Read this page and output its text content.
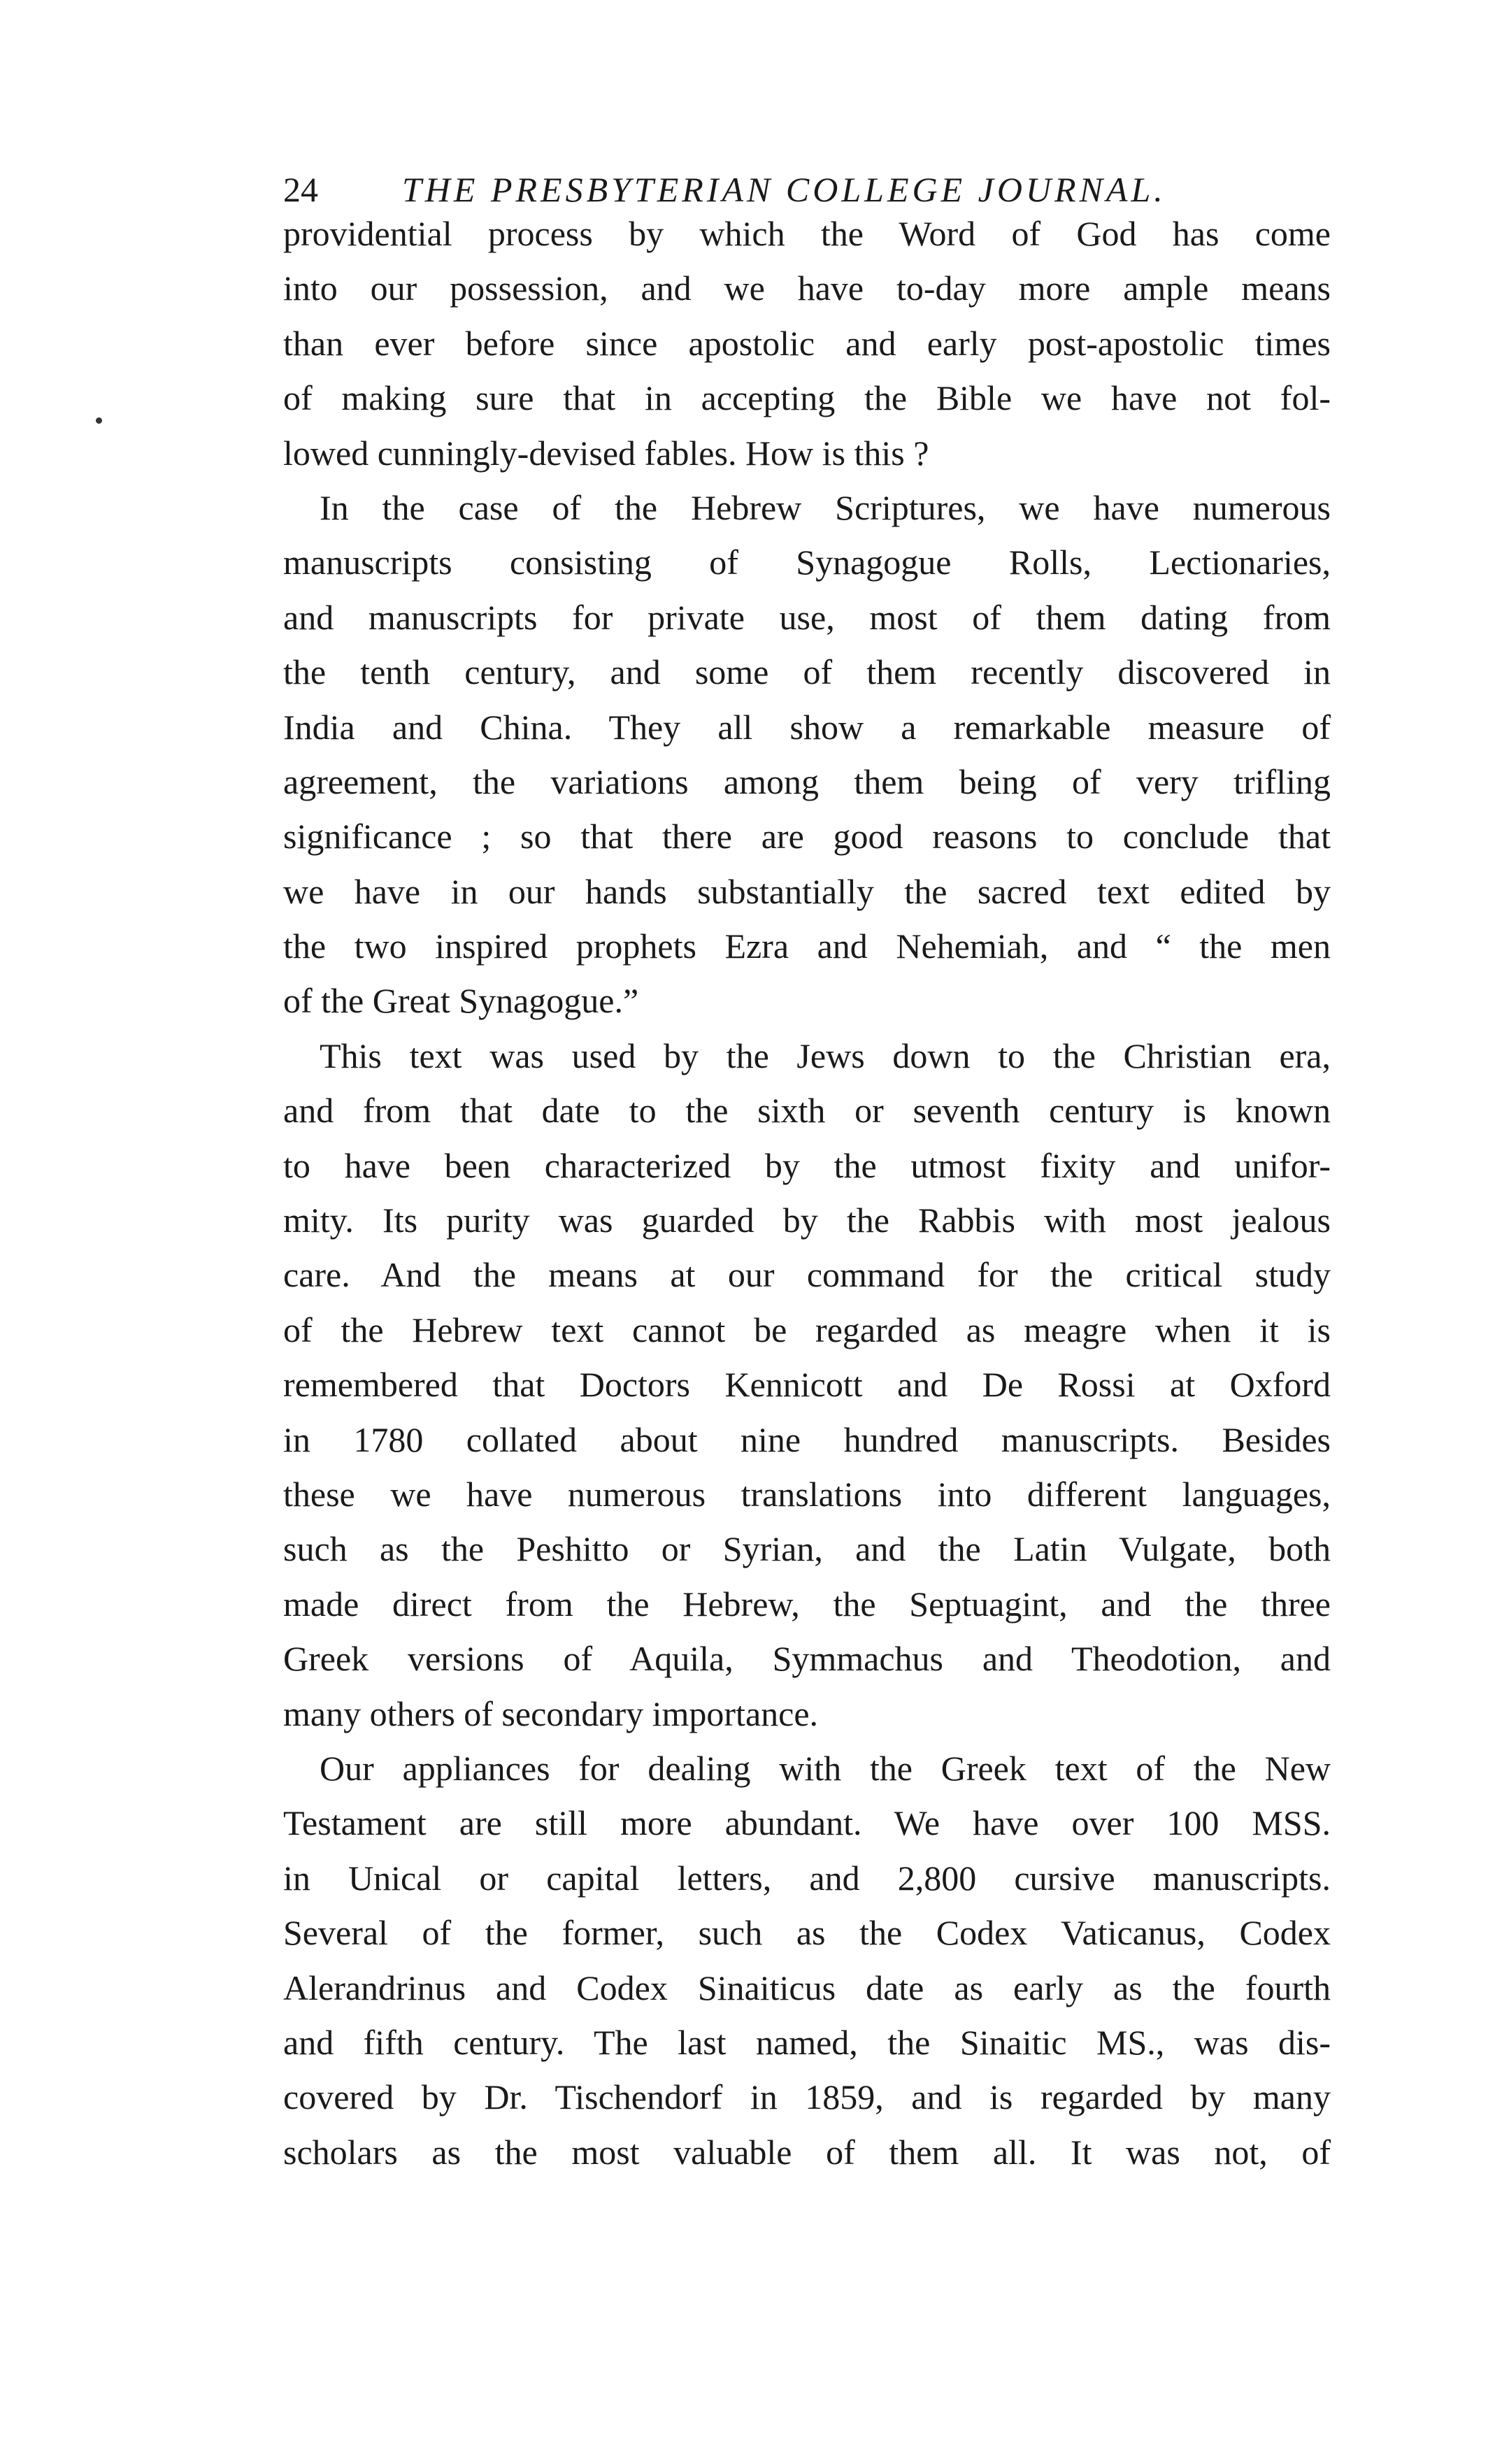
24 THE PRESBYTERIAN COLLEGE JOURNAL.
providential process by which the Word of God has come
into our possession, and we have to-day more ample means
than ever before since apostolic and early post-apostolic times
of making sure that in accepting the Bible we have not fol-
lowed cunningly-devised fables. How is this ?
In the case of the Hebrew Scriptures, we have numerous
manuscripts consisting of Synagogue Rolls, Lectionaries,
and manuscripts for private use, most of them dating from
the tenth century, and some of them recently discovered in
India and China. They all show a remarkable measure of
agreement, the variations among them being of very trifling
significance ; so that there are good reasons to conclude that
we have in our hands substantially the sacred text edited by
the two inspired prophets Ezra and Nehemiah, and “ the men
of the Great Synagogue.”
This text was used by the Jews down to the Christian era,
and from that date to the sixth or seventh century is known
to have been characterized by the utmost fixity and unifor-
mity. Its purity was guarded by the Rabbis with most jealous
care. And the means at our command for the critical study
of the Hebrew text cannot be regarded as meagre when it is
remembered that Doctors Kennicott and De Rossi at Oxford
in 1780 collated about nine hundred manuscripts. Besides
these we have numerous translations into different languages,
such as the Peshitto or Syrian, and the Latin Vulgate, both
made direct from the Hebrew, the Septuagint, and the three
Greek versions of Aquila, Symmachus and Theodotion, and
many others of secondary importance.
Our appliances for dealing with the Greek text of the New
Testament are still more abundant. We have over 100 MSS.
in Unical or capital letters, and 2,800 cursive manuscripts.
Several of the former, such as the Codex Vaticanus, Codex
Alerandrinus and Codex Sinaiticus date as early as the fourth
and fifth century. The last named, the Sinaitic MS., was dis-
covered by Dr. Tischendorf in 1859, and is regarded by many
scholars as the most valuable of them all. It was not, of
